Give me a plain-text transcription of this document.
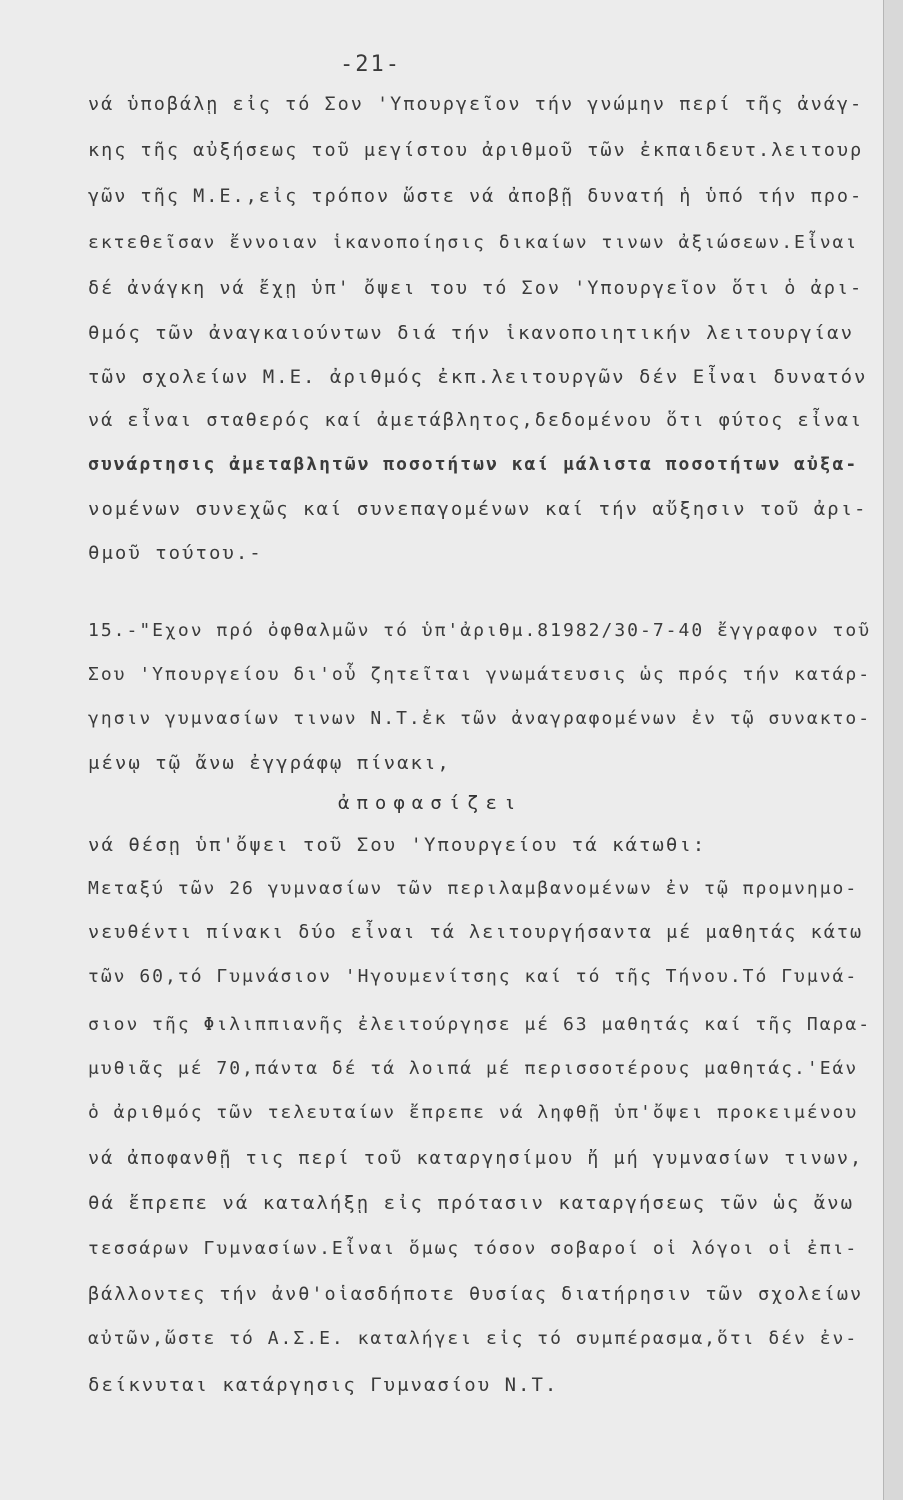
-21-
νά ὑποβάλῃ εἰς τό Σον 'Υπουργεῖον τήν γνώμην περί τῆς ἀνάγ-
κης τῆς αὐξήσεως τοῦ μεγίστου ἀριθμοῦ τῶν ἐκπαιδευτ.λειτουρ
γῶν τῆς Μ.Ε.,εἰς τρόπον ὥστε νά ἀποβῇ δυνατή ἡ ὑπό τήν προ-
εκτεθεῖσαν ἔννοιαν ἱκανοποίησις δικαίων τινων ἀξιώσεων.Εἶναι
δέ ἀνάγκη νά ἔχῃ ὑπ' ὄψει του τό Σον 'Υπουργεῖον ὅτι ὁ ἀρι-
θμός τῶν ἀναγκαιούντων διά τήν ἱκανοποιητικήν λειτουργίαν
τῶν σχολείων Μ.Ε. ἀριθμός ἐκπ.λειτουργῶν δέν Εἶναι δυνατόν
νά εἶναι σταθερός καί ἀμετάβλητος,δεδομένου ὅτι φύτος εἶναι
συνάρτησις ἀμεταβλητῶν ποσοτήτων καί μάλιστα ποσοτήτων αὐξα-
νομένων συνεχῶς καί συνεπαγομένων καί τήν αὔξησιν τοῦ ἀρι-
θμοῦ τούτου.-
15.-"Εχον πρό ὀφθαλμῶν τό ὑπ'ἀριθμ.81982/30-7-40 ἔγγραφον τοῦ
Σου 'Υπουργείου δι'οὗ ζητεῖται γνωμάτευσις ὡς πρός τήν κατάρ-
γησιν γυμνασίων τινων Ν.Τ.ἐκ τῶν ἀναγραφομένων ἐν τῷ συνακτο-
μένῳ τῷ ἄνω ἐγγράφῳ πίνακι,
ἀποφασίζει
νά θέσῃ ὑπ'ὄψει τοῦ Σου 'Υπουργείου τά κάτωθι:
Μεταξύ τῶν 26 γυμνασίων τῶν περιλαμβανομένων ἐν τῷ προμνημο-
νευθέντι πίνακι δύο εἶναι τά λειτουργήσαντα μέ μαθητάς κάτω
τῶν 60,τό Γυμνάσιον 'Ηγουμενίτσης καί τό τῆς Τήνου.Τό Γυμνά-
σιον τῆς Φιλιππιανῆς ἐλειτούργησε μέ 63 μαθητάς καί τῆς Παρα-
μυθιᾶς μέ 70,πάντα δέ τά λοιπά μέ περισσοτέρους μαθητάς.'Εάν
ὁ ἀριθμός τῶν τελευταίων ἔπρεπε νά ληφθῇ ὑπ'ὄψει προκειμένου
νά ἀποφανθῇ τις περί τοῦ καταργησίμου ἤ μή γυμνασίων τινων,
θά ἔπρεπε νά καταλήξῃ εἰς πρότασιν καταργήσεως τῶν ὡς ἄνω
τεσσάρων Γυμνασίων.Εἶναι ὅμως τόσον σοβαροί οἱ λόγοι οἱ ἐπι-
βάλλοντες τήν ἀνθ'οἱασδήποτε θυσίας διατήρησιν τῶν σχολείων
αὐτῶν,ὥστε τό Α.Σ.Ε. καταλήγει εἰς τό συμπέρασμα,ὅτι δέν ἐν-
δείκνυται κατάργησις Γυμνασίου Ν.Τ.
